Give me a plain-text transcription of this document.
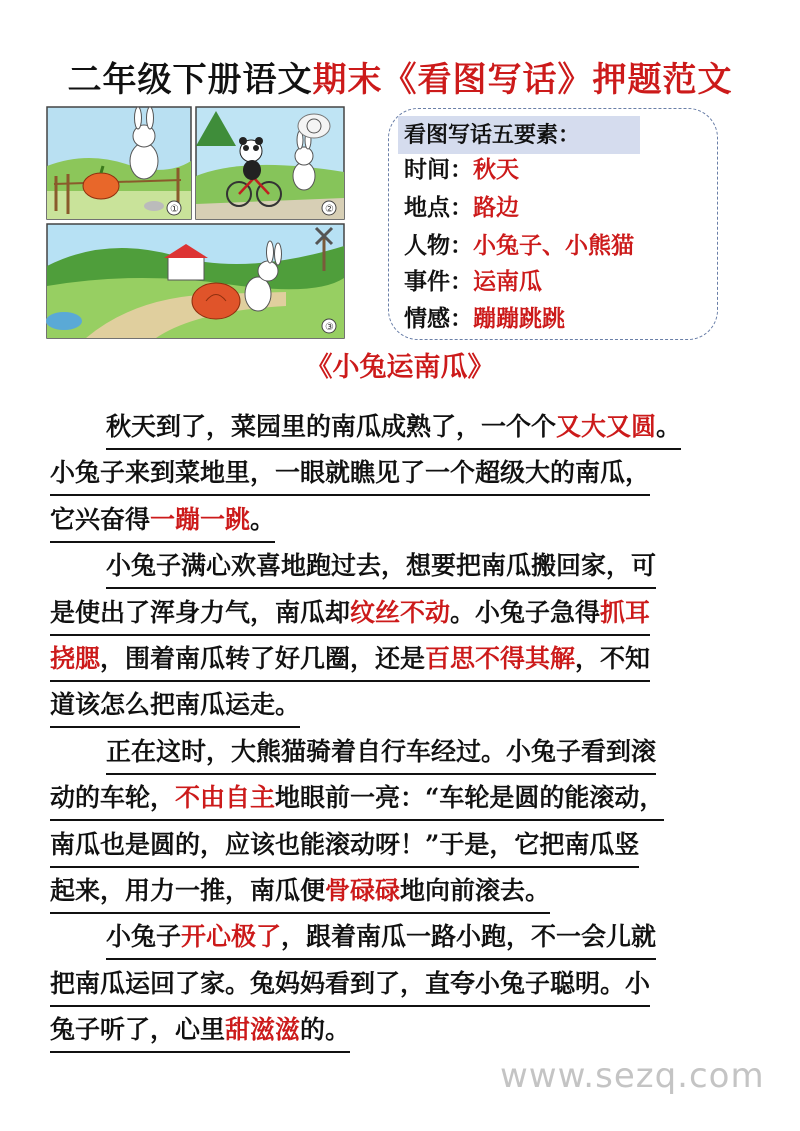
二年级下册语文期末《看图写话》押题范文
①	②
③
看图写话五要素：
时间：秋天
地点：路边
人物：小兔子、小熊猫
事件：运南瓜
情感：蹦蹦跳跳
《小兔运南瓜》
秋天到了，菜园里的南瓜成熟了，一个个又大又圆。
小兔子来到菜地里，一眼就瞧见了一个超级大的南瓜，
它兴奋得一蹦一跳。
小兔子满心欢喜地跑过去，想要把南瓜搬回家，可
是使出了浑身力气，南瓜却纹丝不动。小兔子急得抓耳
挠腮，围着南瓜转了好几圈，还是百思不得其解，不知
道该怎么把南瓜运走。
正在这时，大熊猫骑着自行车经过。小兔子看到滚
动的车轮，不由自主地眼前一亮：“车轮是圆的能滚动，
南瓜也是圆的，应该也能滚动呀！”于是，它把南瓜竖
起来，用力一推，南瓜便骨碌碌地向前滚去。
小兔子开心极了，跟着南瓜一路小跑，不一会儿就
把南瓜运回了家。兔妈妈看到了，直夸小兔子聪明。小
兔子听了，心里甜滋滋的。
www.sezq.com
